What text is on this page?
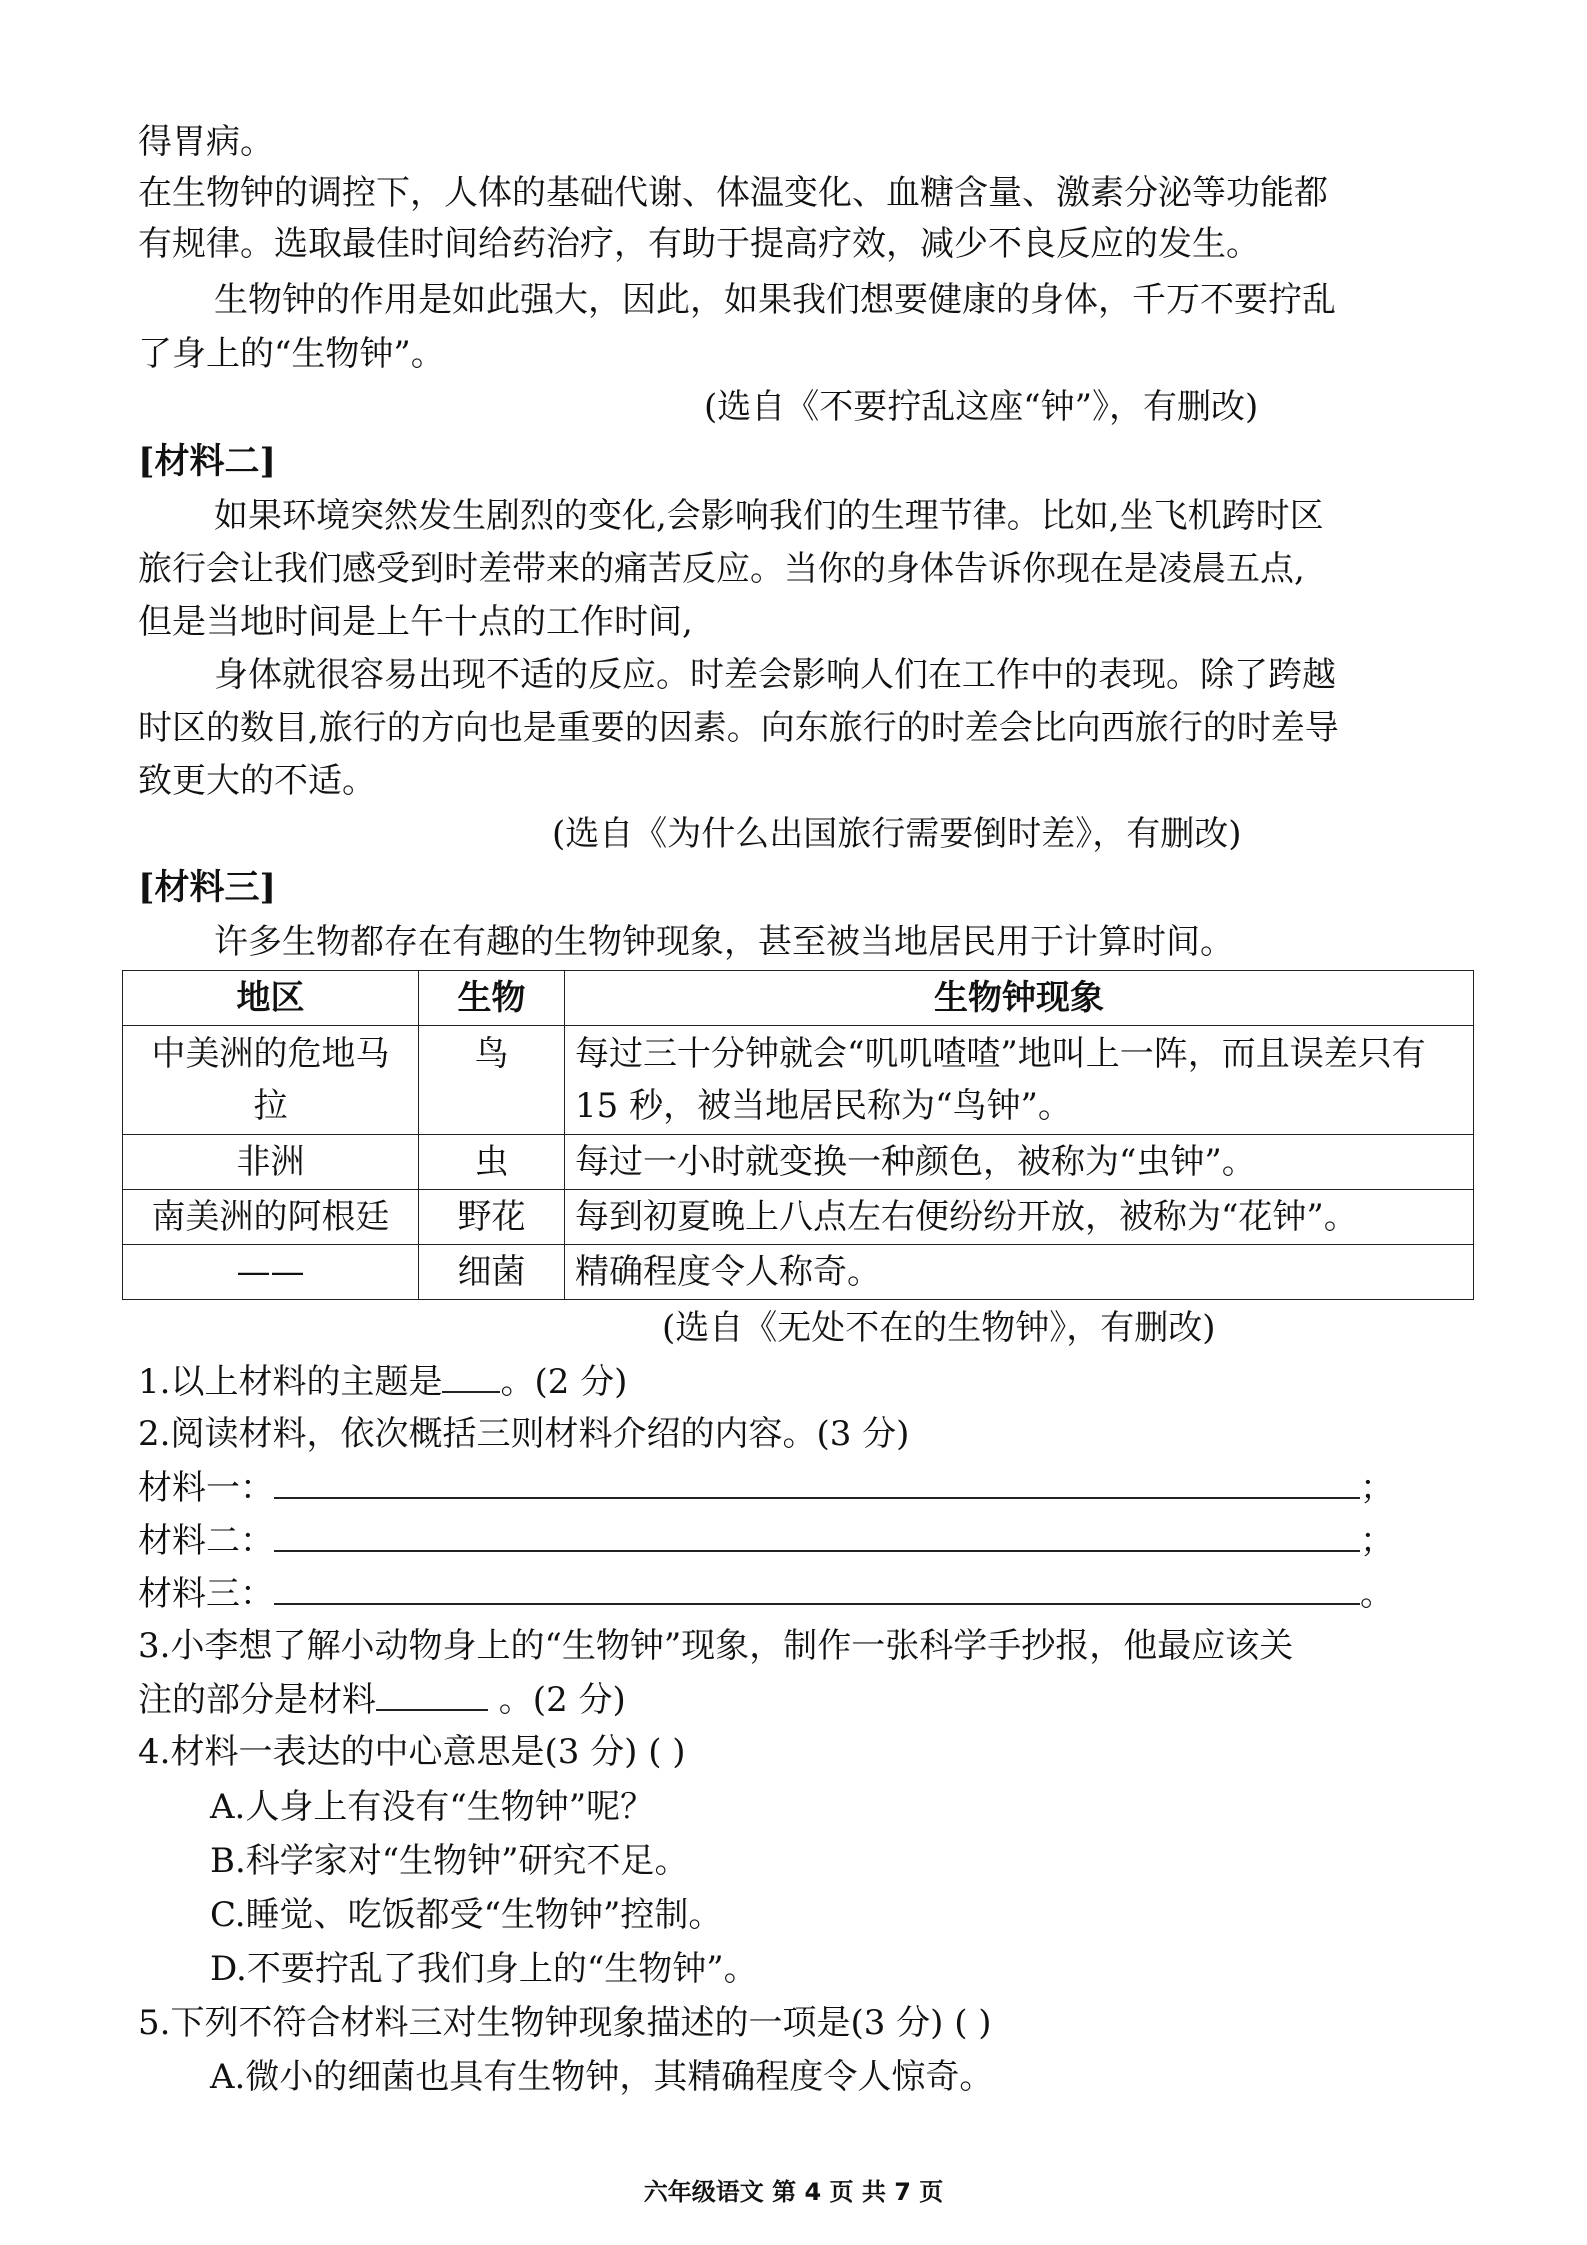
得胃病。
在生物钟的调控下，人体的基础代谢、体温变化、血糖含量、激素分泌等功能都
有规律。选取最佳时间给药治疗，有助于提高疗效，减少不良反应的发生。
生物钟的作用是如此强大，因此，如果我们想要健康的身体，千万不要拧乱
了身上的“生物钟”。
(选自《不要拧乱这座“钟”》，有删改)
[材料二]
如果环境突然发生剧烈的变化,会影响我们的生理节律。比如,坐飞机跨时区
旅行会让我们感受到时差带来的痛苦反应。当你的身体告诉你现在是凌晨五点,
但是当地时间是上午十点的工作时间,
身体就很容易出现不适的反应。时差会影响人们在工作中的表现。除了跨越
时区的数目,旅行的方向也是重要的因素。向东旅行的时差会比向西旅行的时差导
致更大的不适。
(选自《为什么出国旅行需要倒时差》，有删改)
[材料三]
许多生物都存在有趣的生物钟现象，甚至被当地居民用于计算时间。
地区	生物	生物钟现象
中美洲的危地马拉	鸟	每过三十分钟就会“叽叽喳喳”地叫上一阵，而且误差只有 15 秒，被当地居民称为“鸟钟”。
非洲	虫	每过一小时就变换一种颜色，被称为“虫钟”。
南美洲的阿根廷	野花	每到初夏晚上八点左右便纷纷开放，被称为“花钟”。
——	细菌	精确程度令人称奇。
(选自《无处不在的生物钟》，有删改)
1.以上材料的主题是 。(2 分)
2.阅读材料，依次概括三则材料介绍的内容。(3 分)
材料一：	；
材料二：	；
材料三：	。
3.小李想了解小动物身上的“生物钟”现象，制作一张科学手抄报，他最应该关
注的部分是材料	。(2 分)
4.材料一表达的中心意思是(3 分) ( )
A.人身上有没有“生物钟”呢？
B.科学家对“生物钟”研究不足。
C.睡觉、吃饭都受“生物钟”控制。
D.不要拧乱了我们身上的“生物钟”。
5.下列不符合材料三对生物钟现象描述的一项是(3 分) ( )
A.微小的细菌也具有生物钟，其精确程度令人惊奇。
六年级语文 第 4 页 共 7 页
